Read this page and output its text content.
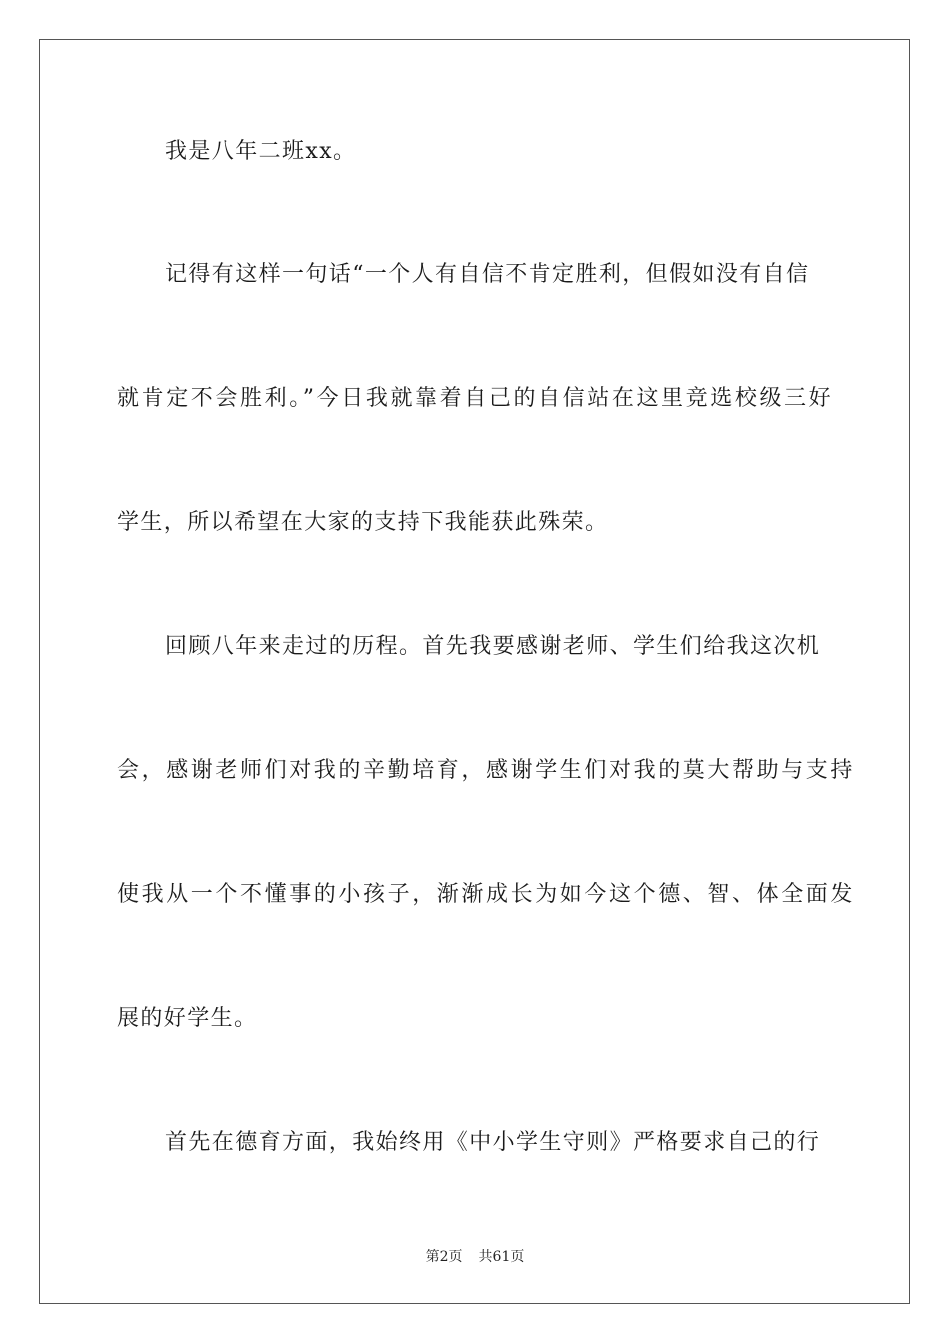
我是八年二班xx。
记得有这样一句话“一个人有自信不肯定胜利，但假如没有自信
就肯定不会胜利。”今日我就靠着自己的自信站在这里竞选校级三好
学生，所以希望在大家的支持下我能获此殊荣。
回顾八年来走过的历程。首先我要感谢老师、学生们给我这次机
会，感谢老师们对我的辛勤培育，感谢学生们对我的莫大帮助与支持
使我从一个不懂事的小孩子，渐渐成长为如今这个德、智、体全面发
展的好学生。
首先在德育方面，我始终用《中小学生守则》严格要求自己的行
第2页 共61页
